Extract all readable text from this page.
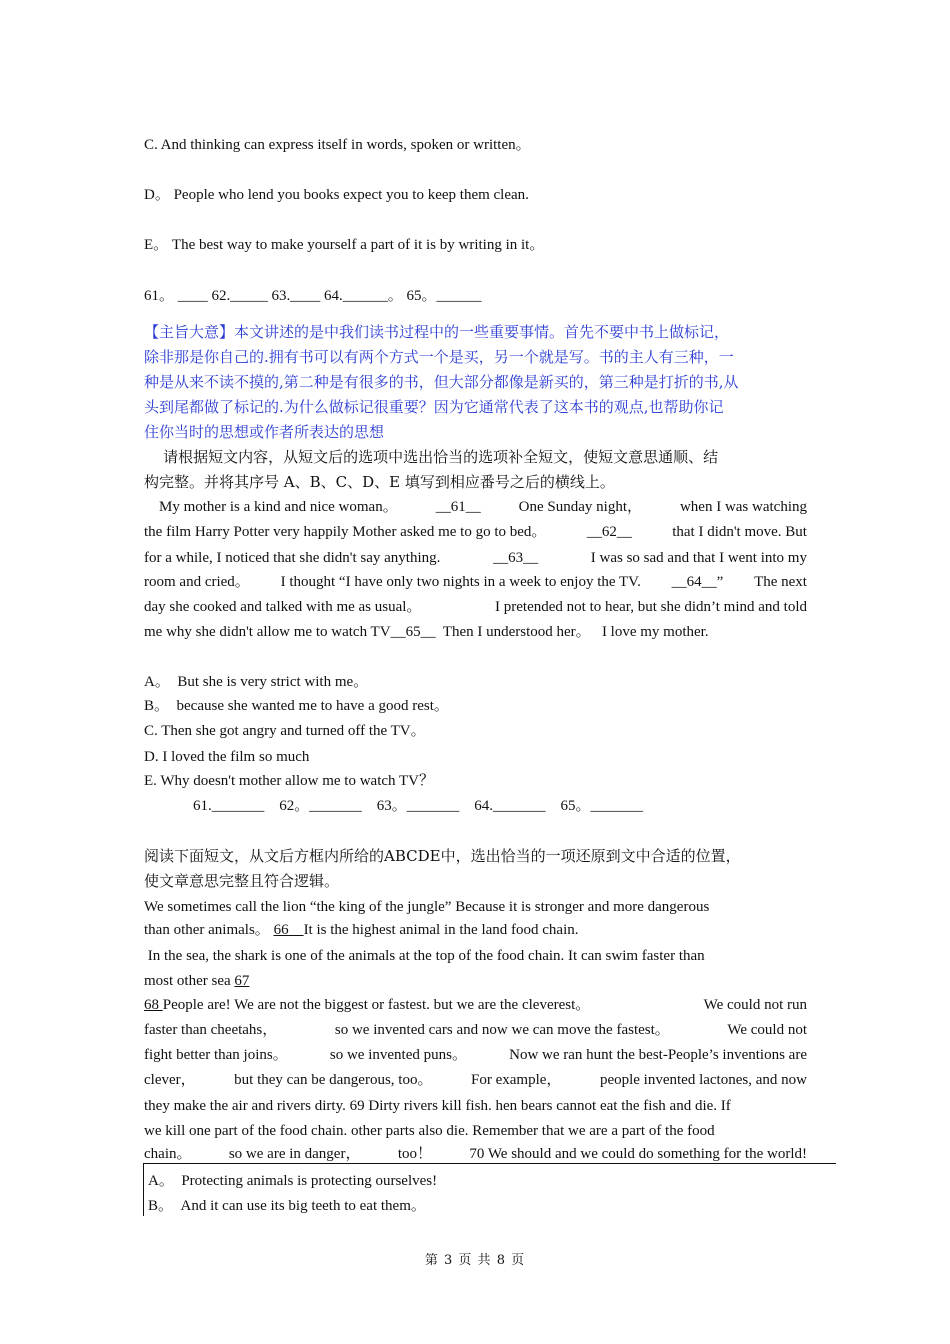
C. And thinking can express itself in words, spoken or written。
D。 People who lend you books expect you to keep them clean.
E。 The best way to make yourself a part of it is by writing in it。
61。 ____ 62._____ 63.____ 64.______。 65。______
【主旨大意】本文讲述的是中我们读书过程中的一些重要事情。首先不要中书上做标记，
除非那是你自己的.拥有书可以有两个方式一个是买，另一个就是写。书的主人有三种，一
种是从来不读不摸的,第二种是有很多的书，但大部分都像是新买的，第三种是打折的书,从
头到尾都做了标记的.为什么做标记很重要？因为它通常代表了这本书的观点,也帮助你记
住你当时的思想或作者所表达的思想
请根据短文内容，从短文后的选项中选出恰当的选项补全短文，使短文意思通顺、结
构完整。并将其序号 A、B、C、D、E 填写到相应番号之后的横线上。
My mother is a kind and nice woman。	__61__	One Sunday night，	when I was watching
the film Harry Potter very happily Mother asked me to go to bed。	__62__	that I didn't move. But
for a while, I noticed that she didn't say anything.	__63__	I was so sad and that I went into my
room and cried。 I thought “I have only two nights in a week to enjoy the TV. __64__” The next
day she cooked and talked with me as usual。	I pretended not to hear, but she didn’t mind and told
me why she didn't allow me to watch TV__65__ Then I understood her。 I love my mother.
A。  But she is very strict with me。
B。  because she wanted me to have a good rest。
C. Then she got angry and turned off the TV。
D. I loved the film so much
E. Why doesn't mother allow me to watch TV？
61._______    62。_______    63。_______    64._______    65。_______
阅读下面短文，从文后方框内所给的ABCDE中，选出恰当的一项还原到文中合适的位置，
使文章意思完整且符合逻辑。
We sometimes call the lion “the king of the jungle” Because it is stronger and more dangerous
than other animals。 66 It is the highest animal in the land food chain.
In the sea, the shark is one of the animals at the top of the food chain. It can swim faster than
most other sea 67
68 People are! We are not the biggest or fastest. but we are the cleverest。	We could not run
faster than cheetahs，	so we invented cars and now we can move the fastest。	We could not
fight better than joins。	so we invented puns。	Now we ran hunt the best-People’s inventions are
clever，	but they can be dangerous, too。	For example，	people invented lactones, and now
they make the air and rivers dirty. 69 Dirty rivers kill fish. hen bears cannot eat the fish and die. If
we kill one part of the food chain. other parts also die. Remember that we are a part of the food
chain。 so we are in danger， too！ 70 We should and we could do something for the world!
A。  Protecting animals is protecting ourselves!
B。  And it can use its big teeth to eat them。
第 3 页 共 8 页
